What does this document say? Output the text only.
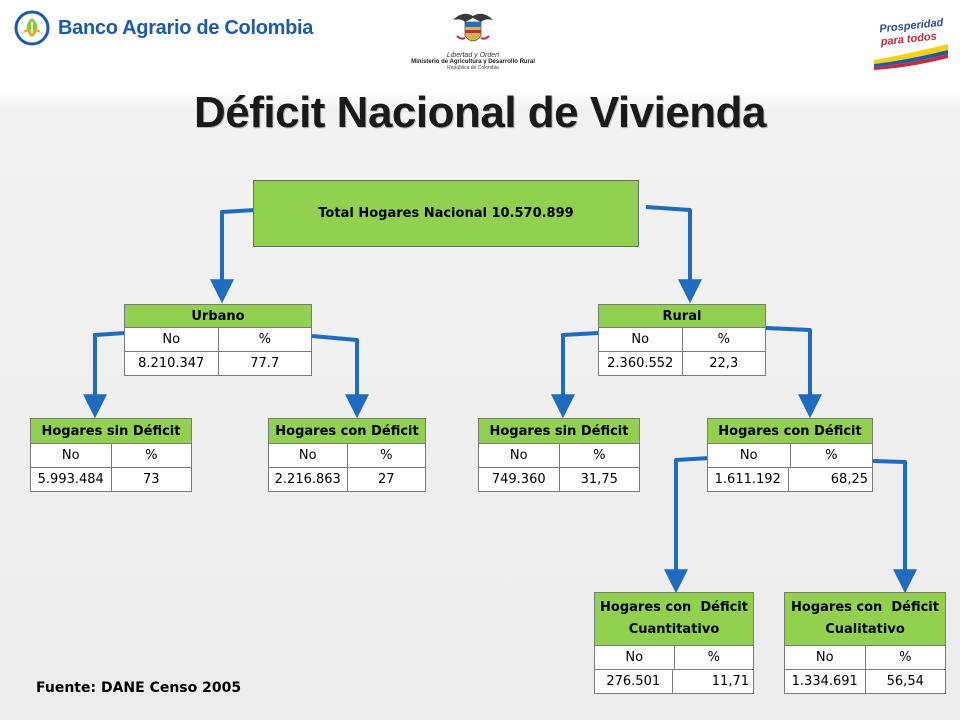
Banco Agrario de Colombia
Libertad y Orden
Ministerio de Agricultura y Desarrollo Rural
República de Colombia
Prosperidad
para todos
Déficit Nacional de Vivienda
Total Hogares Nacional 10.570.899
Urbano
No	%
8.210.347	77.7
Rural
No	%
2.360.552	22,3
Hogares sin Déficit
No	%
5.993.484	73
Hogares con Déficit
No	%
2.216.863	27
Hogares sin Déficit
No	%
749.360	31,75
Hogares con Déficit
No	%
1.611.192	68,25
Hogares con  Déficit
Cuantitativo
No	%
276.501	11,71
Hogares con  Déficit
Cualitativo
No	%
1.334.691	56,54
Fuente: DANE Censo 2005
